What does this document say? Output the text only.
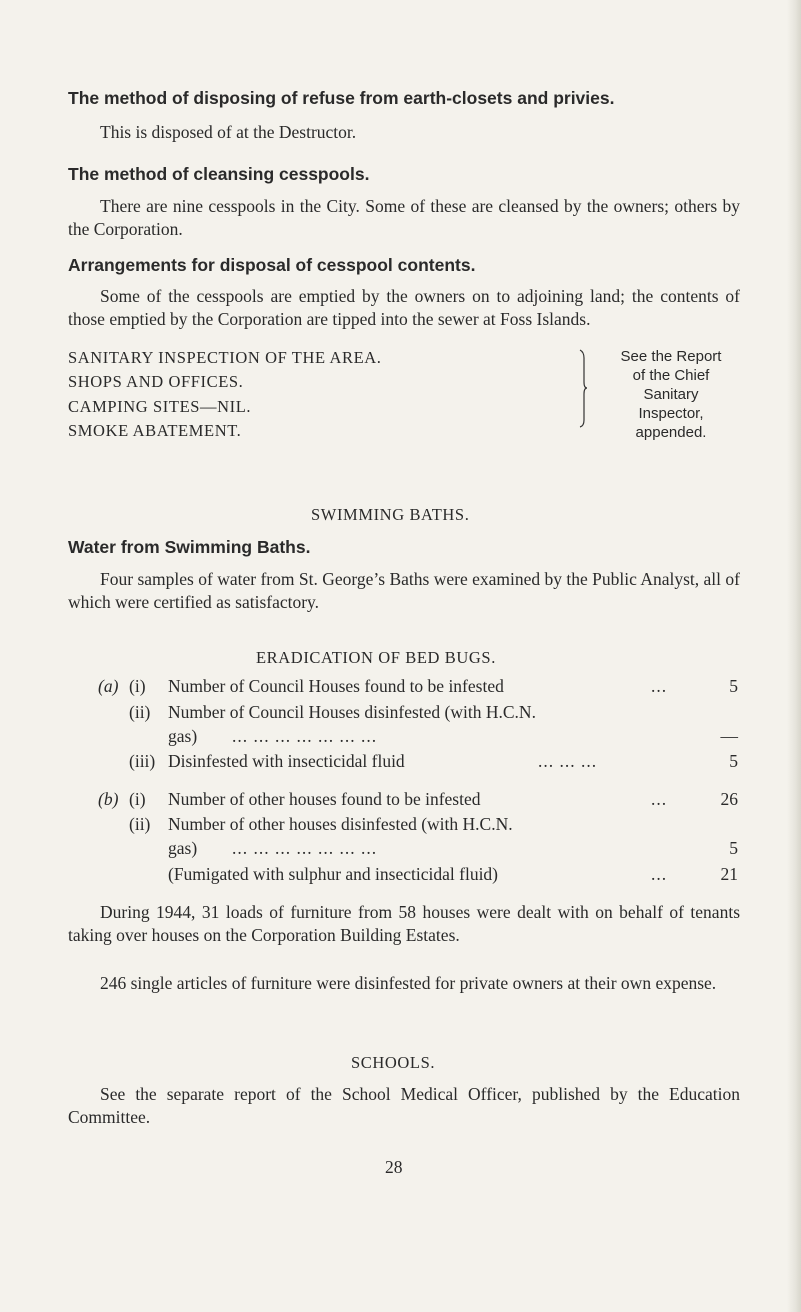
The method of disposing of refuse from earth-closets and privies.
This is disposed of at the Destructor.
The method of cleansing cesspools.
There are nine cesspools in the City. Some of these are cleansed by the owners; others by the Corporation.
Arrangements for disposal of cesspool contents.
Some of the cesspools are emptied by the owners on to adjoining land; the contents of those emptied by the Corporation are tipped into the sewer at Foss Islands.
SANITARY INSPECTION OF THE AREA.
SHOPS AND OFFICES.
CAMPING SITES—NIL.
SMOKE ABATEMENT.
See the Report
of the Chief
Sanitary
Inspector,
appended.
SWIMMING BATHS.
Water from Swimming Baths.
Four samples of water from St. George’s Baths were examined by the Public Analyst, all of which were certified as satisfactory.
ERADICATION OF BED BUGS.
(a) (i) Number of Council Houses found to be infested	...	5
(ii) Number of Council Houses disinfested (with H.C.N.
gas) ... ... ... ... ... ... ...	—
(iii) Disinfested with insecticidal fluid	... ... ...	5
(b) (i) Number of other houses found to be infested	...	26
(ii) Number of other houses disinfested (with H.C.N.
gas) ... ... ... ... ... ... ...	5
(Fumigated with sulphur and insecticidal fluid)	...	21
During 1944, 31 loads of furniture from 58 houses were dealt with on behalf of tenants taking over houses on the Corporation Building Estates.
246 single articles of furniture were disinfested for private owners at their own expense.
SCHOOLS.
See the separate report of the School Medical Officer, published by the Education Committee.
28
